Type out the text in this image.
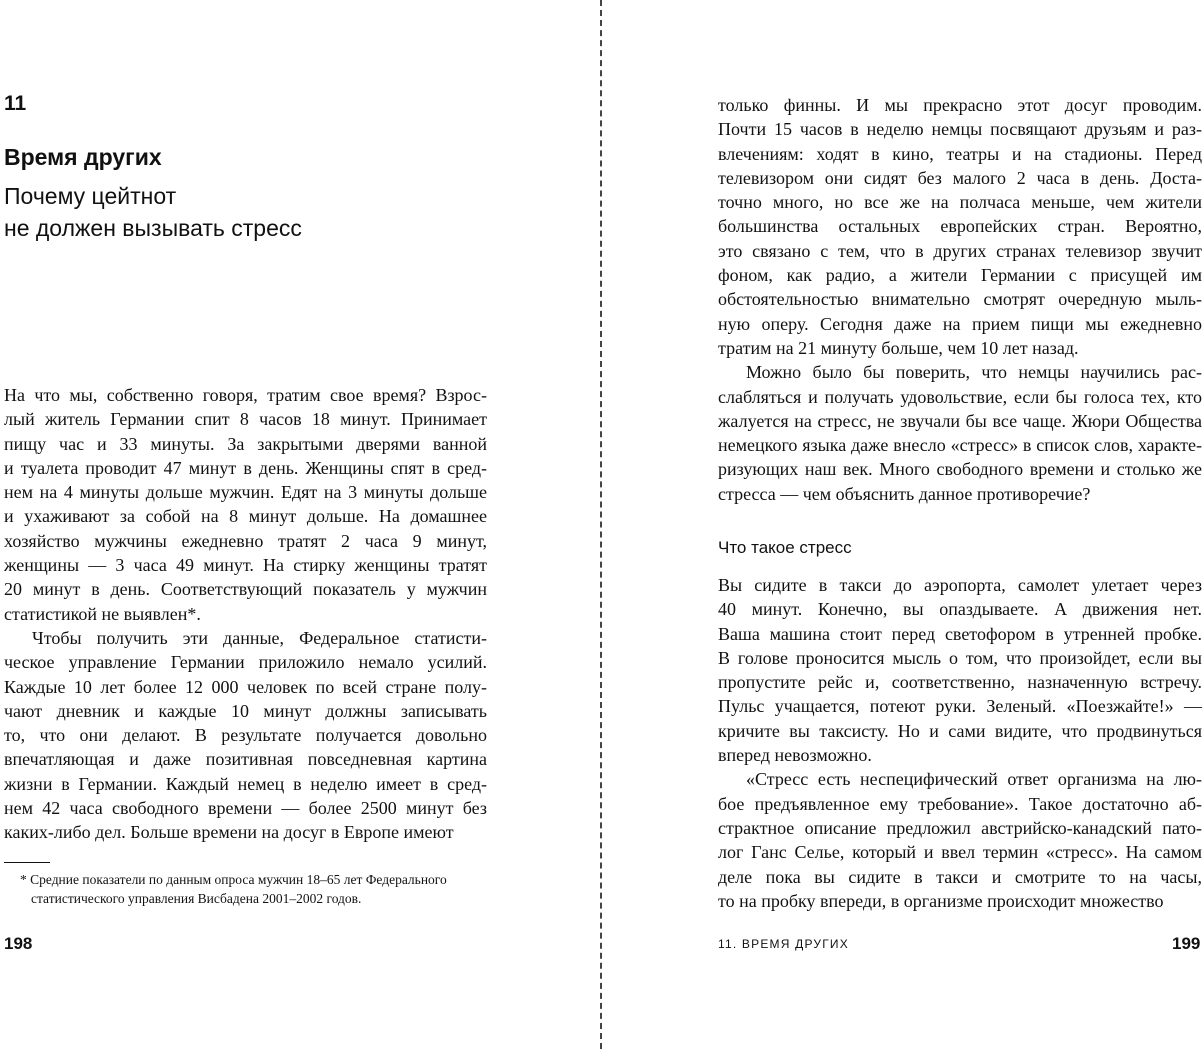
11
Время других
Почему цейтнот
не должен вызывать стресс
На что мы, собственно говоря, тратим свое время? Взрос-
лый житель Германии спит 8 часов 18 минут. Принимает
пищу час и 33 минуты. За закрытыми дверями ванной
и туалета проводит 47 минут в день. Женщины спят в сред-
нем на 4 минуты дольше мужчин. Едят на 3 минуты дольше
и ухаживают за собой на 8 минут дольше. На домашнее
хозяйство мужчины ежедневно тратят 2 часа 9 минут,
женщины — 3 часа 49 минут. На стирку женщины тратят
20 минут в день. Соответствующий показатель у мужчин
статистикой не выявлен*.
Чтобы получить эти данные, Федеральное статисти-
ческое управление Германии приложило немало усилий.
Каждые 10 лет более 12 000 человек по всей стране полу-
чают дневник и каждые 10 минут должны записывать
то, что они делают. В результате получается довольно
впечатляющая и даже позитивная повседневная картина
жизни в Германии. Каждый немец в неделю имеет в сред-
нем 42 часа свободного времени — более 2500 минут без
каких-либо дел. Больше времени на досуг в Европе имеют
* Средние показатели по данным опроса мужчин 18–65 лет Федерального
статистического управления Висбадена 2001–2002 годов.
198
только финны. И мы прекрасно этот досуг проводим.
Почти 15 часов в неделю немцы посвящают друзьям и раз-
влечениям: ходят в кино, театры и на стадионы. Перед
телевизором они сидят без малого 2 часа в день. Доста-
точно много, но все же на полчаса меньше, чем жители
большинства остальных европейских стран. Вероятно,
это связано с тем, что в других странах телевизор звучит
фоном, как радио, а жители Германии с присущей им
обстоятельностью внимательно смотрят очередную мыль-
ную оперу. Сегодня даже на прием пищи мы ежедневно
тратим на 21 минуту больше, чем 10 лет назад.
Можно было бы поверить, что немцы научились рас-
слабляться и получать удовольствие, если бы голоса тех, кто
жалуется на стресс, не звучали бы все чаще. Жюри Общества
немецкого языка даже внесло «стресс» в список слов, характе-
ризующих наш век. Много свободного времени и столько же
стресса — чем объяснить данное противоречие?
Что такое стресс
Вы сидите в такси до аэропорта, самолет улетает через
40 минут. Конечно, вы опаздываете. А движения нет.
Ваша машина стоит перед светофором в утренней пробке.
В голове проносится мысль о том, что произойдет, если вы
пропустите рейс и, соответственно, назначенную встречу.
Пульс учащается, потеют руки. Зеленый. «Поезжайте!» —
кричите вы таксисту. Но и сами видите, что продвинуться
вперед невозможно.
«Стресс есть неспецифический ответ организма на лю-
бое предъявленное ему требование». Такое достаточно аб-
страктное описание предложил австрийско-канадский пато-
лог Ганс Селье, который и ввел термин «стресс». На самом
деле пока вы сидите в такси и смотрите то на часы,
то на пробку впереди, в организме происходит множество
11. ВРЕМЯ ДРУГИХ	199
